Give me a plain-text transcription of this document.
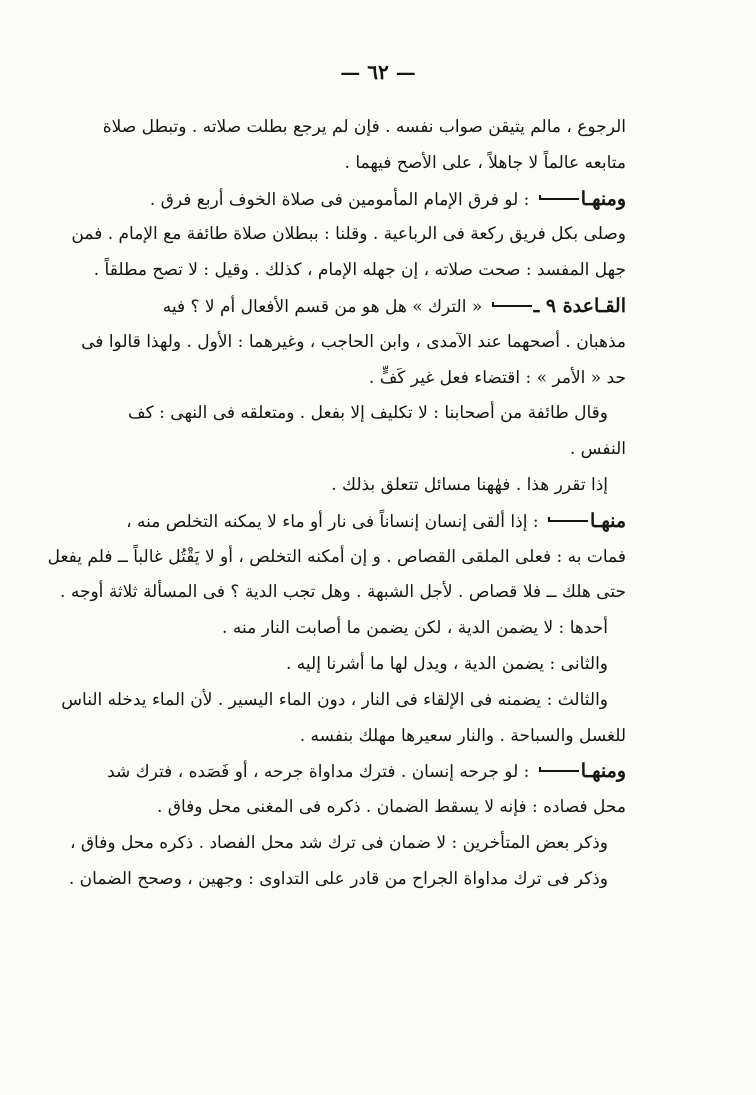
— ٦٢ —
الرجوع ، مالم يتيقن صواب نفسه . فإن لم يرجع بطلت صلاته . وتبطل صلاة
متابعه عالماً لا جاهلاً ، على الأصح فيهما .
ومنهـا : لو فرق الإمام المأمومين فى صلاة الخوف أربع فرق .
وصلى بكل فريق ركعة فى الرباعية . وقلنا : ببطلان صلاة طائفة مع الإمام . فمن
جهل المفسد : صحت صلاته ، إن جهله الإمام ، كذلك . وقيل : لا تصح مطلقاً .
القـاعدة ٩ ـ « الترك » هل هو من قسم الأفعال أم لا ؟ فيه
مذهبان . أصحهما عند الآمدى ، وابن الحاجب ، وغيرهما : الأول . ولهذا قالوا فى
حد « الأمر » : اقتضاء فعل غير كَفٍّ .
وقال طائفة من أصحابنا : لا تكليف إلا بفعل . ومتعلقه فى النهى : كف
النفس .
إذا تقرر هذا . فهٰهنا مسائل تتعلق بذلك .
منهـا : إذا ألقى إنسان إنساناً فى نار أو ماء لا يمكنه التخلص منه ،
فمات به : فعلى الملقى القصاص . و إن أمكنه التخلص ، أو لا يَقْتُل غالباً ــ فلم يفعل
حتى هلك ــ فلا قصاص . لأجل الشبهة . وهل تجب الدية ؟ فى المسألة ثلاثة أوجه .
أحدها : لا يضمن الدية ، لكن يضمن ما أصابت النار منه .
والثانى : يضمن الدية ، ويدل لها ما أشرنا إليه .
والثالث : يضمنه فى الإلقاء فى النار ، دون الماء اليسير . لأن الماء يدخله الناس
للغسل والسباحة . والنار سعيرها مهلك بنفسه .
ومنهـا : لو جرحه إنسان . فترك مداواة جرحه ، أو فَصَده ، فترك شد
محل فصاده : فإنه لا يسقط الضمان . ذكره فى المغنى محل وفاق .
وذكر بعض المتأخرين : لا ضمان فى ترك شد محل الفصاد . ذكره محل وفاق ،
وذكر فى ترك مداواة الجراح من قادر على التداوى : وجهين ، وصحح الضمان .
